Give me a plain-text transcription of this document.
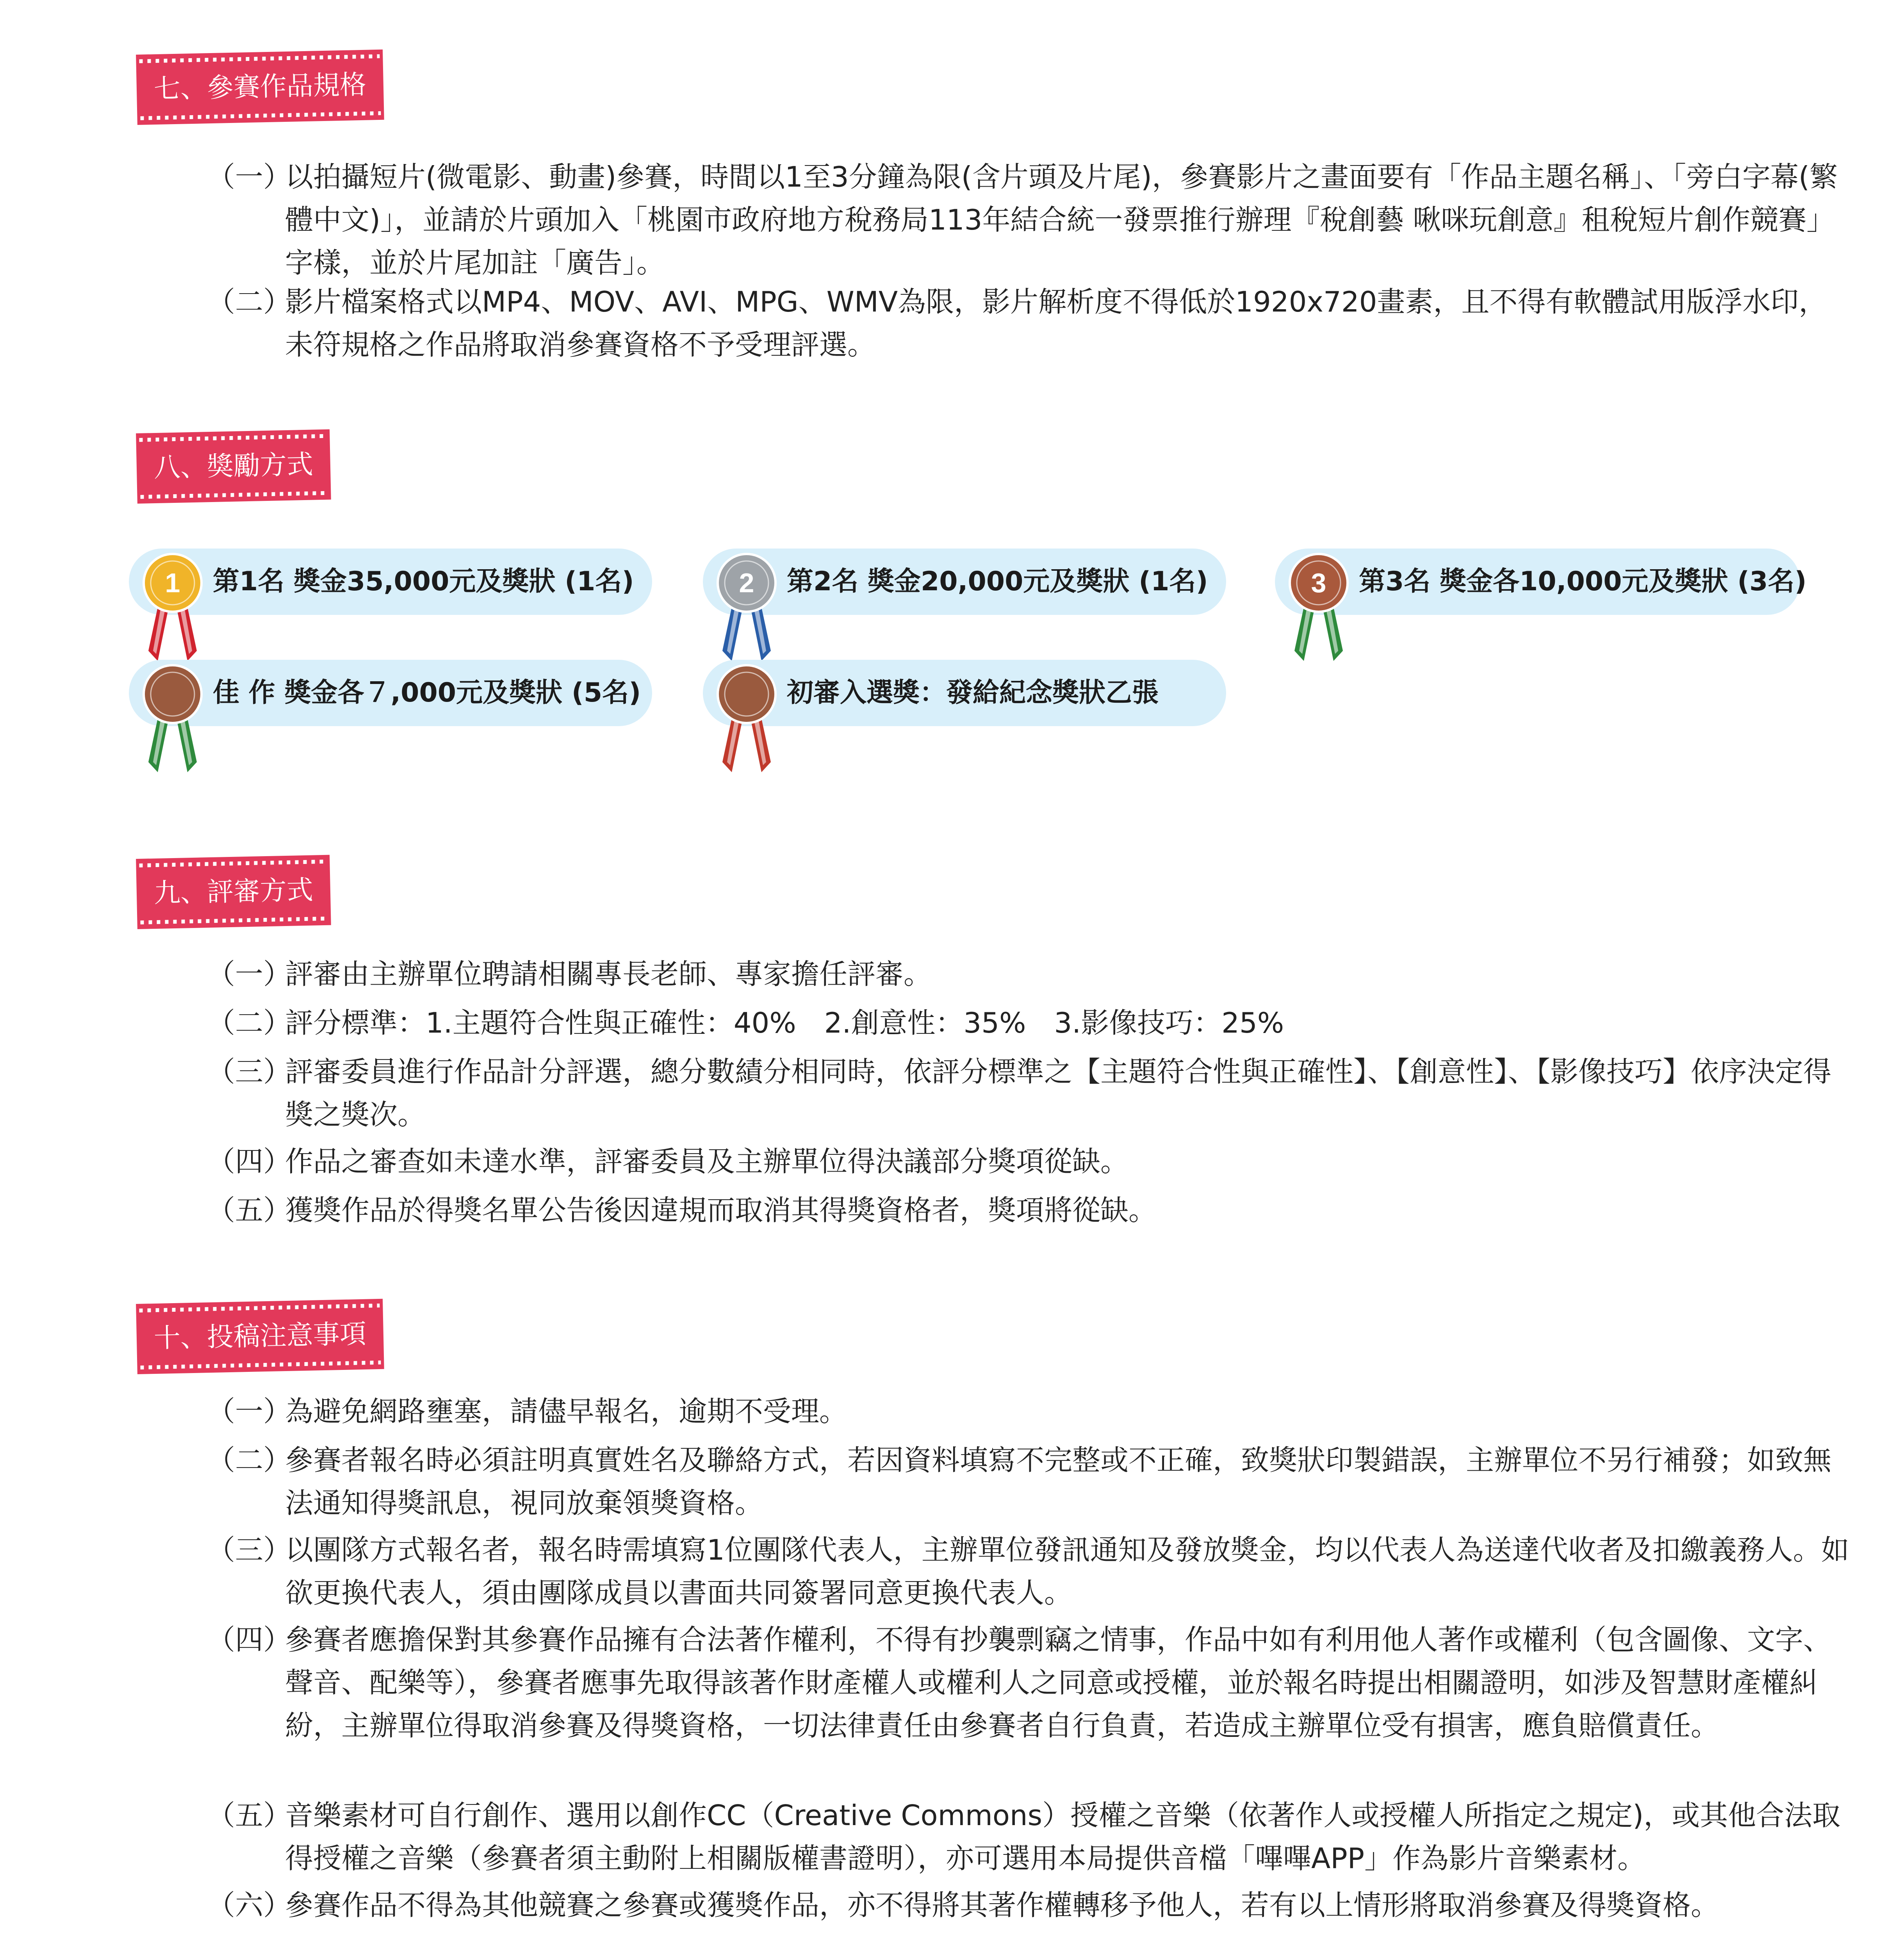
七、參賽作品規格
（一）
以拍攝短片(微電影、動畫)參賽，時間以1至3分鐘為限(含片頭及片尾)，參賽影片之畫面要有「作品主題名稱」、「旁白字幕(繁體中文)」，並請於片頭加入「桃園市政府地方稅務局113年結合統一發票推行辦理『稅創藝 啾咪玩創意』租稅短片創作競賽」字樣，並於片尾加註「廣告」。
（二）
影片檔案格式以MP4、MOV、AVI、MPG、WMV為限，影片解析度不得低於1920x720畫素，且不得有軟體試用版浮水印，未符規格之作品將取消參賽資格不予受理評選。
八、獎勵方式
1 第1名 獎金35,000元及獎狀 (1名)	2 第2名 獎金20,000元及獎狀 (1名)	3 第3名 獎金各10,000元及獎狀 (3名)
佳 作 獎金各７,000元及獎狀 (5名)	初審入選獎：發給紀念獎狀乙張
九、評審方式
（一）
評審由主辦單位聘請相關專長老師、專家擔任評審。
（二）
評分標準：1.主題符合性與正確性：40%　2.創意性：35%　3.影像技巧：25%
（三）
評審委員進行作品計分評選，總分數績分相同時，依評分標準之【主題符合性與正確性】、【創意性】、【影像技巧】依序決定得獎之獎次。
（四）
作品之審查如未達水準，評審委員及主辦單位得決議部分獎項從缺。
（五）
獲獎作品於得獎名單公告後因違規而取消其得獎資格者，獎項將從缺。
十、投稿注意事項
（一）
為避免網路壅塞，請儘早報名，逾期不受理。
（二）
參賽者報名時必須註明真實姓名及聯絡方式，若因資料填寫不完整或不正確，致獎狀印製錯誤，主辦單位不另行補發；如致無法通知得獎訊息，視同放棄領獎資格。
（三）
以團隊方式報名者，報名時需填寫1位團隊代表人，主辦單位發訊通知及發放獎金，均以代表人為送達代收者及扣繳義務人。如欲更換代表人，須由團隊成員以書面共同簽署同意更換代表人。
（四）
參賽者應擔保對其參賽作品擁有合法著作權利，不得有抄襲剽竊之情事，作品中如有利用他人著作或權利（包含圖像、文字、聲音、配樂等），參賽者應事先取得該著作財產權人或權利人之同意或授權，並於報名時提出相關證明，如涉及智慧財產權糾紛，主辦單位得取消參賽及得獎資格，一切法律責任由參賽者自行負責，若造成主辦單位受有損害，應負賠償責任。
（五）
音樂素材可自行創作、選用以創作CC（Creative Commons）授權之音樂（依著作人或授權人所指定之規定)，或其他合法取得授權之音樂（參賽者須主動附上相關版權書證明），亦可選用本局提供音檔「嗶嗶APP」作為影片音樂素材。
（六）
參賽作品不得為其他競賽之參賽或獲獎作品，亦不得將其著作權轉移予他人，若有以上情形將取消參賽及得獎資格。
